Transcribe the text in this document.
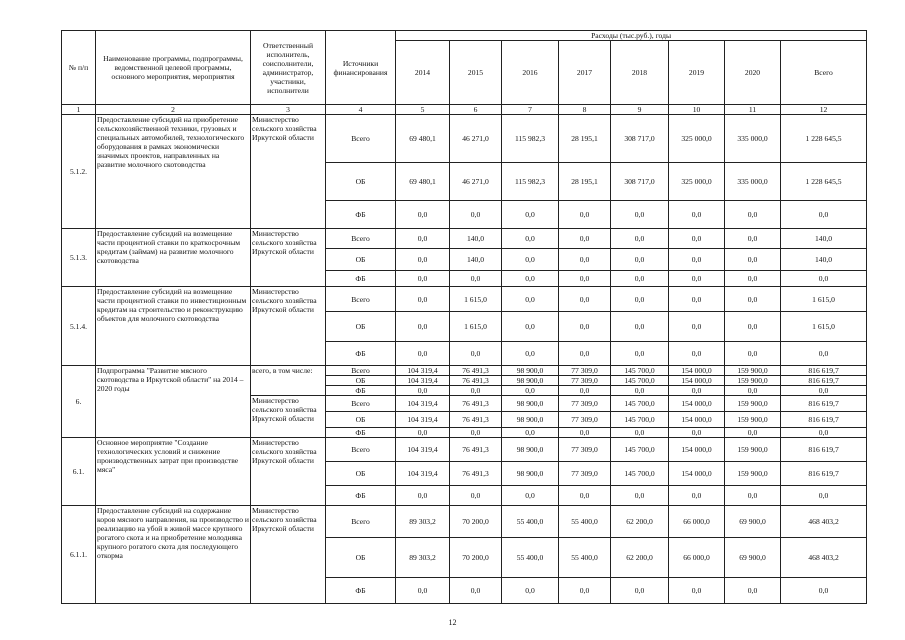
№ п/п	Наименование программы, подпрограммы, ведомственной целевой программы, основного мероприятия, мероприятия	Ответственный исполнитель, соисполнители, администратор, участники, исполнители	Источники финансирования	Расходы (тыс.руб.), годы							
				2014	2015	2016	2017	2018	2019	2020	Всего
1	2	3	4	5	6	7	8	9	10	11	12
5.1.2.	Предоставление субсидий на приобретение сельскохозяйственной техники, грузовых и специальных автомобилей, технологического оборудования в рамках экономически значимых проектов, направленных на развитие молочного скотоводства	Министерство сельского хозяйства Иркутской области	Всего	69 480,1	46 271,0	115 982,3	28 195,1	308 717,0	325 000,0	335 000,0	1 228 645,5
			ОБ	69 480,1	46 271,0	115 982,3	28 195,1	308 717,0	325 000,0	335 000,0	1 228 645,5
			ФБ	0,0	0,0	0,0	0,0	0,0	0,0	0,0	0,0
5.1.3.	Предоставление субсидий на возмещение части процентной ставки по краткосрочным кредитам (займам) на развитие молочного скотоводства	Министерство сельского хозяйства Иркутской области	Всего	0,0	140,0	0,0	0,0	0,0	0,0	0,0	140,0
			ОБ	0,0	140,0	0,0	0,0	0,0	0,0	0,0	140,0
			ФБ	0,0	0,0	0,0	0,0	0,0	0,0	0,0	0,0
5.1.4.	Предоставление субсидий на возмещение части процентной ставки по инвестиционным кредитам на строительство и реконструкцию объектов для молочного скотоводства	Министерство сельского хозяйства Иркутской области	Всего	0,0	1 615,0	0,0	0,0	0,0	0,0	0,0	1 615,0
			ОБ	0,0	1 615,0	0,0	0,0	0,0	0,0	0,0	1 615,0
			ФБ	0,0	0,0	0,0	0,0	0,0	0,0	0,0	0,0
6.	Подпрограмма "Развитие мясного скотоводства в Иркутской области" на 2014 – 2020 годы	всего, в том числе:	Всего	104 319,4	76 491,3	98 900,0	77 309,0	145 700,0	154 000,0	159 900,0	816 619,7
			ОБ	104 319,4	76 491,3	98 900,0	77 309,0	145 700,0	154 000,0	159 900,0	816 619,7
			ФБ	0,0	0,0	0,0	0,0	0,0	0,0	0,0	0,0
		Министерство сельского хозяйства Иркутской области	Всего	104 319,4	76 491,3	98 900,0	77 309,0	145 700,0	154 000,0	159 900,0	816 619,7
			ОБ	104 319,4	76 491,3	98 900,0	77 309,0	145 700,0	154 000,0	159 900,0	816 619,7
			ФБ	0,0	0,0	0,0	0,0	0,0	0,0	0,0	0,0
6.1.	Основное мероприятие "Создание технологических условий и снижение производственных затрат при производстве мяса"	Министерство сельского хозяйства Иркутской области	Всего	104 319,4	76 491,3	98 900,0	77 309,0	145 700,0	154 000,0	159 900,0	816 619,7
			ОБ	104 319,4	76 491,3	98 900,0	77 309,0	145 700,0	154 000,0	159 900,0	816 619,7
			ФБ	0,0	0,0	0,0	0,0	0,0	0,0	0,0	0,0
6.1.1.	Предоставление субсидий на содержание коров мясного направления, на производство и реализацию на убой в живой массе крупного рогатого скота и на приобретение молодняка крупного рогатого скота для последующего откорма	Министерство сельского хозяйства Иркутской области	Всего	89 303,2	70 200,0	55 400,0	55 400,0	62 200,0	66 000,0	69 900,0	468 403,2
			ОБ	89 303,2	70 200,0	55 400,0	55 400,0	62 200,0	66 000,0	69 900,0	468 403,2
			ФБ	0,0	0,0	0,0	0,0	0,0	0,0	0,0	0,0
12
